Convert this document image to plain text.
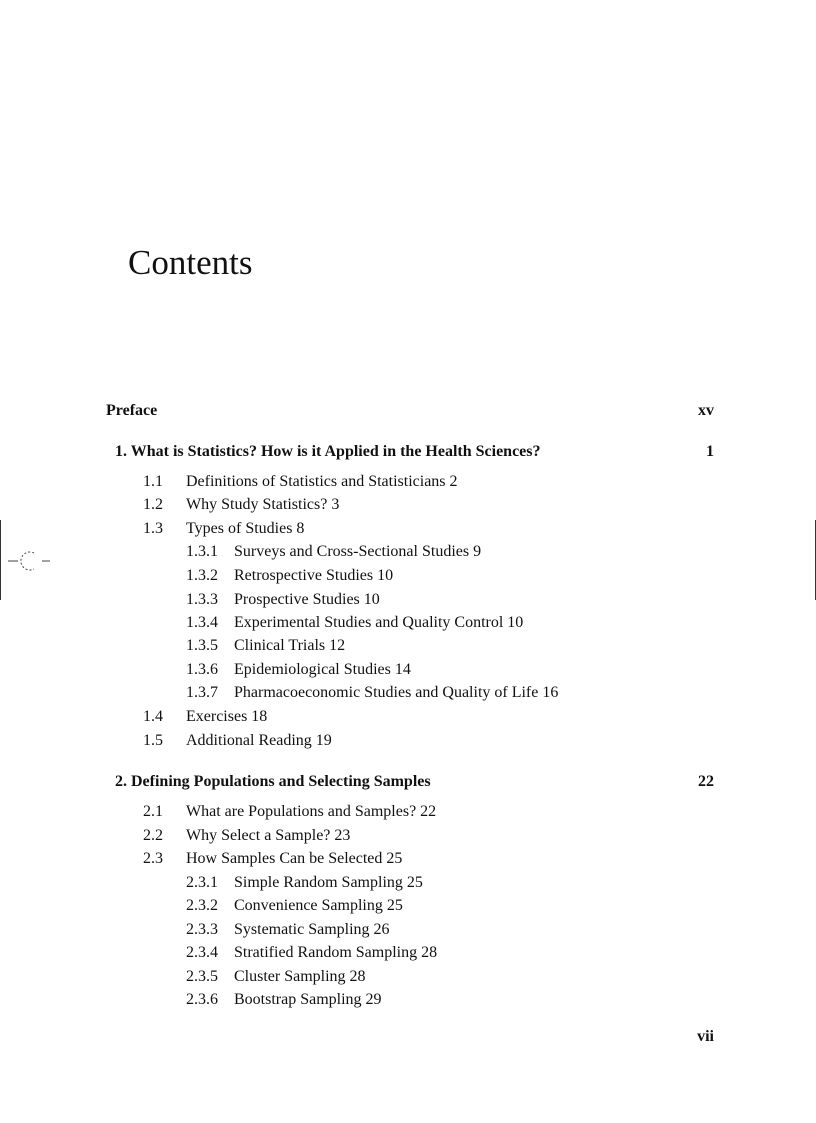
Contents
Preface	xv
1. What is Statistics? How is it Applied in the Health Sciences?	1
1.1 Definitions of Statistics and Statisticians 2
1.2 Why Study Statistics? 3
1.3 Types of Studies 8
1.3.1 Surveys and Cross-Sectional Studies 9
1.3.2 Retrospective Studies 10
1.3.3 Prospective Studies 10
1.3.4 Experimental Studies and Quality Control 10
1.3.5 Clinical Trials 12
1.3.6 Epidemiological Studies 14
1.3.7 Pharmacoeconomic Studies and Quality of Life 16
1.4 Exercises 18
1.5 Additional Reading 19
2. Defining Populations and Selecting Samples	22
2.1 What are Populations and Samples? 22
2.2 Why Select a Sample? 23
2.3 How Samples Can be Selected 25
2.3.1 Simple Random Sampling 25
2.3.2 Convenience Sampling 25
2.3.3 Systematic Sampling 26
2.3.4 Stratified Random Sampling 28
2.3.5 Cluster Sampling 28
2.3.6 Bootstrap Sampling 29
vii
